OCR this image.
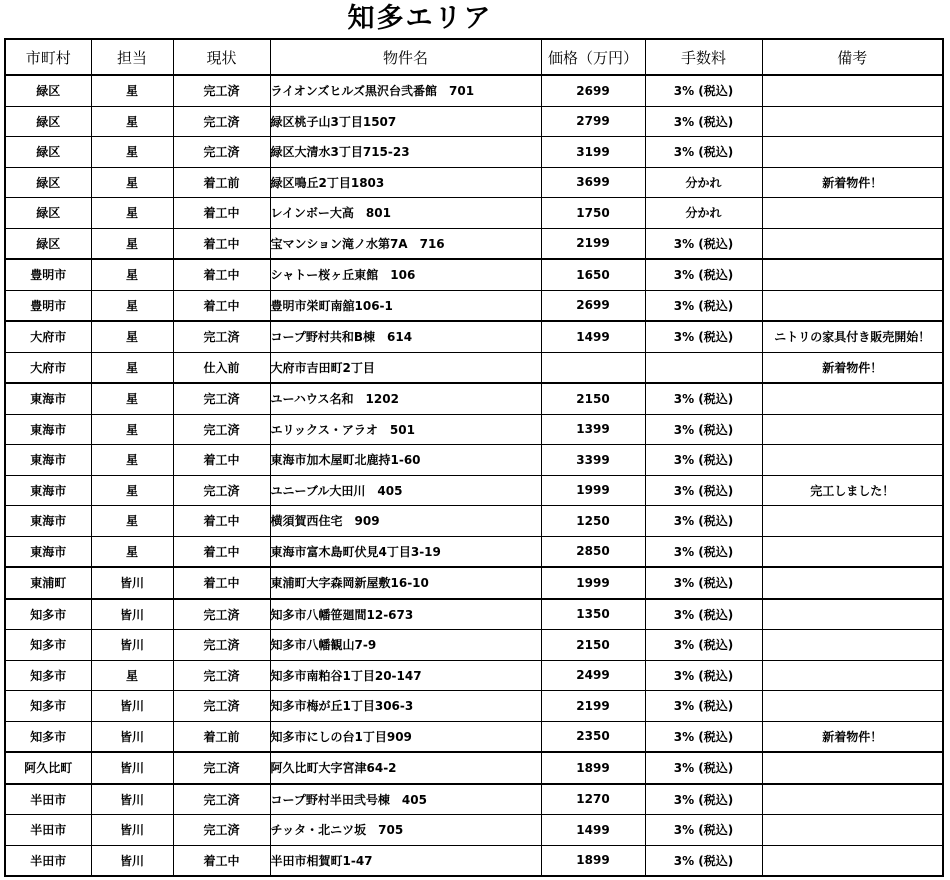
知多エリア
市町村	担当	現状	物件名	価格（万円）	手数料	備考
緑区	星	完工済	ライオンズヒルズ黒沢台弐番館　701	2699	3% (税込)	
緑区	星	完工済	緑区桃子山3丁目1507	2799	3% (税込)	
緑区	星	完工済	緑区大清水3丁目715-23	3199	3% (税込)	
緑区	星	着工前	緑区鳴丘2丁目1803	3699	分かれ	新着物件！
緑区	星	着工中	レインボー大高　801	1750	分かれ	
緑区	星	着工中	宝マンション滝ノ水第7A　716	2199	3% (税込)	
豊明市	星	着工中	シャトー桜ヶ丘東館　106	1650	3% (税込)	
豊明市	星	着工中	豊明市栄町南舘106-1	2699	3% (税込)	
大府市	星	完工済	コープ野村共和B棟　614	1499	3% (税込)	ニトリの家具付き販売開始！
大府市	星	仕入前	大府市吉田町2丁目			新着物件！
東海市	星	完工済	ユーハウス名和　1202	2150	3% (税込)	
東海市	星	完工済	エリックス・アラオ　501	1399	3% (税込)	
東海市	星	着工中	東海市加木屋町北鹿持1-60	3399	3% (税込)	
東海市	星	完工済	ユニーブル大田川　405	1999	3% (税込)	完工しました！
東海市	星	着工中	横須賀西住宅　909	1250	3% (税込)	
東海市	星	着工中	東海市富木島町伏見4丁目3-19	2850	3% (税込)	
東浦町	皆川	着工中	東浦町大字森岡新屋敷16-10	1999	3% (税込)	
知多市	皆川	完工済	知多市八幡笹廻間12-673	1350	3% (税込)	
知多市	皆川	完工済	知多市八幡観山7-9	2150	3% (税込)	
知多市	星	完工済	知多市南粕谷1丁目20-147	2499	3% (税込)	
知多市	皆川	完工済	知多市梅が丘1丁目306-3	2199	3% (税込)	
知多市	皆川	着工前	知多市にしの台1丁目909	2350	3% (税込)	新着物件！
阿久比町	皆川	完工済	阿久比町大字宮津64-2	1899	3% (税込)	
半田市	皆川	完工済	コープ野村半田弐号棟　405	1270	3% (税込)	
半田市	皆川	完工済	チッタ・北ニツ坂　705	1499	3% (税込)	
半田市	皆川	着工中	半田市相賀町1-47	1899	3% (税込)	
